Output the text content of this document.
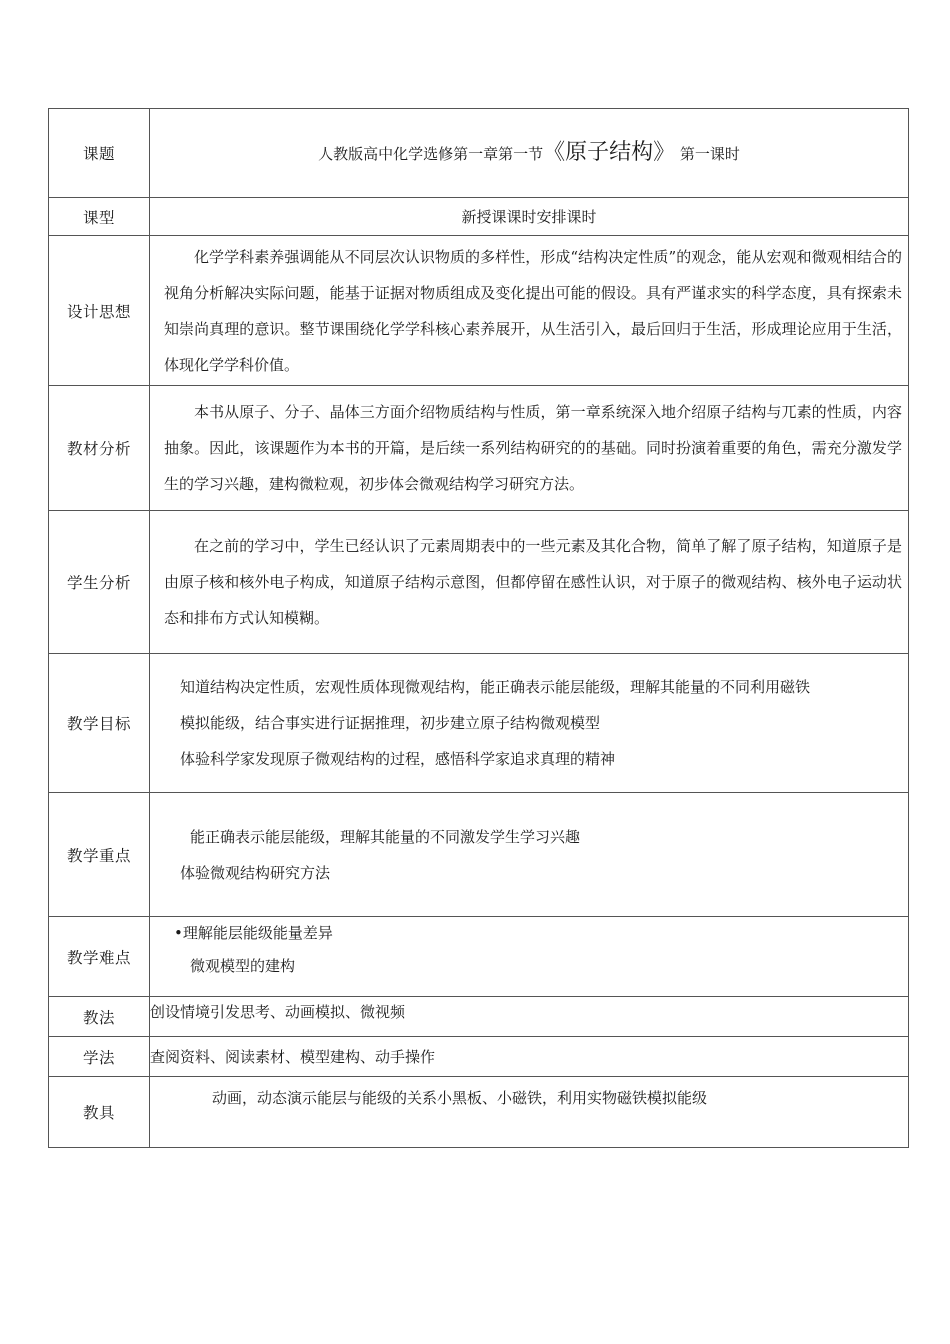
课题	人教版高中化学选修第一章第一节《原子结构》 第一课时
课型	新授课课时安排课时
设计思想	化学学科素养强调能从不同层次认识物质的多样性，形成“结构决定性质”的观念，能从宏观和微观相结合的视角分析解决实际问题，能基于证据对物质组成及变化提出可能的假设。具有严谨求实的科学态度，具有探索未知崇尚真理的意识。整节课围绕化学学科核心素养展开，从生活引入，最后回归于生活，形成理论应用于生活，体现化学学科价值。

教材分析	本书从原子、分子、晶体三方面介绍物质结构与性质，第一章系统深入地介绍原子结构与兀素的性质，内容抽象。因此，该课题作为本书的开篇，是后续一系列结构研究的的基础。同时扮演着重要的角色，需充分激发学生的学习兴趣，建构微粒观，初步体会微观结构学习研究方法。

学生分析	在之前的学习中，学生已经认识了元素周期表中的一些元素及其化合物，简单了解了原子结构，知道原子是由原子核和核外电子构成，知道原子结构示意图，但都停留在感性认识，对于原子的微观结构、核外电子运动状态和排布方式认知模糊。

教学目标	知道结构决定性质，宏观性质体现微观结构，能正确表示能层能级，理解其能量的不同利用磁铁
模拟能级，结合事实进行证据推理，初步建立原子结构微观模型
体验科学家发现原子微观结构的过程，感悟科学家追求真理的精神

教学重点	能正确表示能层能级，理解其能量的不同激发学生学习兴趣
体验微观结构研究方法

教学难点	•理解能层能级能量差异
微观模型的建构

教法	创设情境引发思考、动画模拟、微视频
学法	查阅资料、阅读素材、模型建构、动手操作
教具	动画，动态演示能层与能级的关系小黑板、小磁铁，利用实物磁铁模拟能级
